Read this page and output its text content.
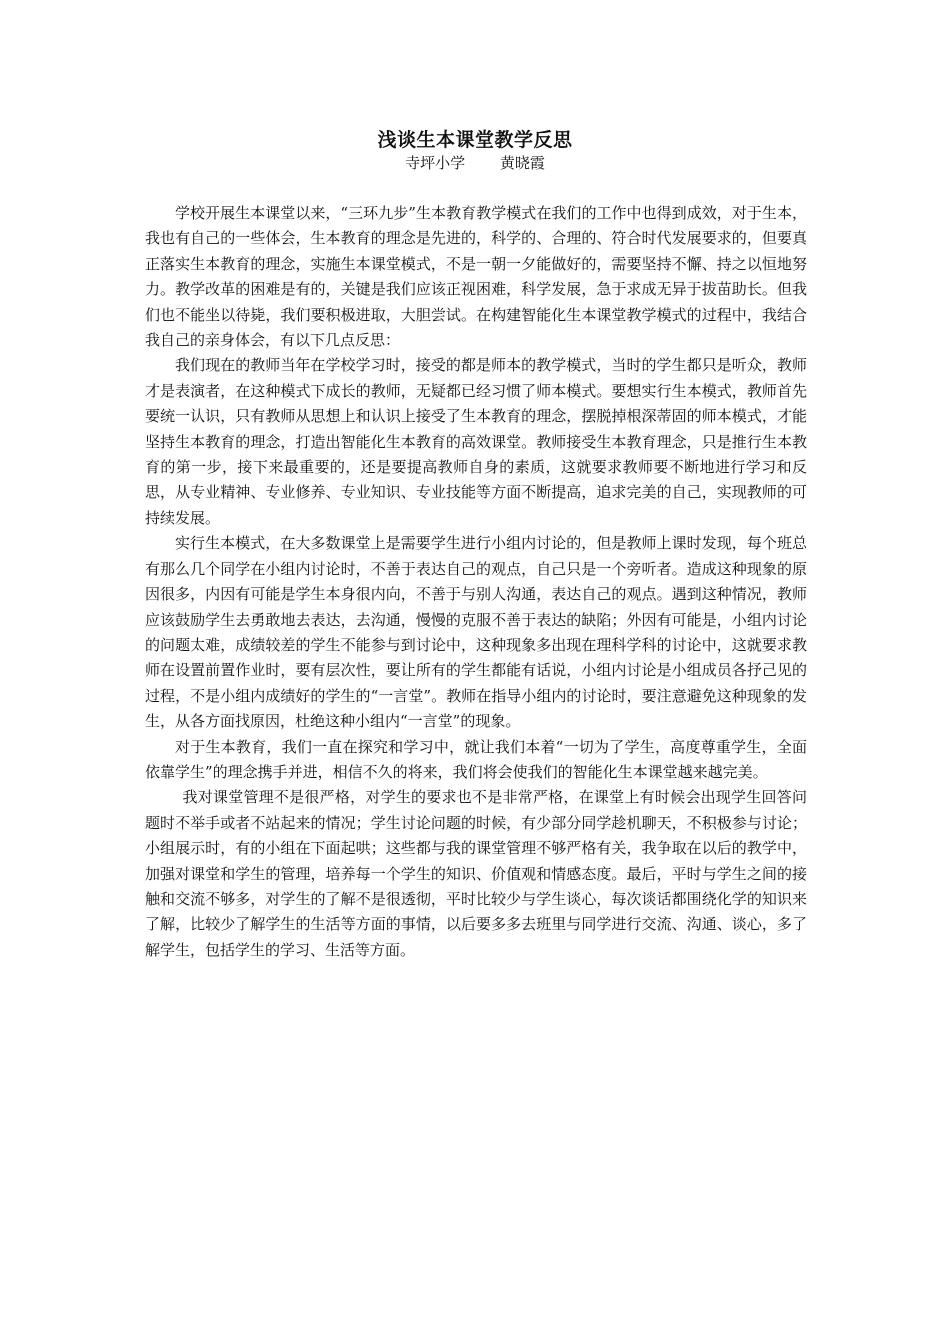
浅谈生本课堂教学反思
寺坪小学 黄晓霞

学校开展生本课堂以来，“三环九步”生本教育教学模式在我们的工作中也得到成效，对于生本，我也有自己的一些体会，生本教育的理念是先进的，科学的、合理的、符合时代发展要求的，但要真正落实生本教育的理念，实施生本课堂模式，不是一朝一夕能做好的，需要坚持不懈、持之以恒地努力。教学改革的困难是有的，关键是我们应该正视困难，科学发展，急于求成无异于拔苗助长。但我们也不能坐以待毙，我们要积极进取，大胆尝试。在构建智能化生本课堂教学模式的过程中，我结合我自己的亲身体会，有以下几点反思：

我们现在的教师当年在学校学习时，接受的都是师本的教学模式，当时的学生都只是听众，教师才是表演者，在这种模式下成长的教师，无疑都已经习惯了师本模式。要想实行生本模式，教师首先要统一认识，只有教师从思想上和认识上接受了生本教育的理念，摆脱掉根深蒂固的师本模式，才能坚持生本教育的理念，打造出智能化生本教育的高效课堂。教师接受生本教育理念，只是推行生本教育的第一步，接下来最重要的，还是要提高教师自身的素质，这就要求教师要不断地进行学习和反思，从专业精神、专业修养、专业知识、专业技能等方面不断提高，追求完美的自己，实现教师的可持续发展。

实行生本模式，在大多数课堂上是需要学生进行小组内讨论的，但是教师上课时发现，每个班总有那么几个同学在小组内讨论时，不善于表达自己的观点，自己只是一个旁听者。造成这种现象的原因很多，内因有可能是学生本身很内向，不善于与别人沟通，表达自己的观点。遇到这种情况，教师应该鼓励学生去勇敢地去表达，去沟通，慢慢的克服不善于表达的缺陷；外因有可能是，小组内讨论的问题太难，成绩较差的学生不能参与到讨论中，这种现象多出现在理科学科的讨论中，这就要求教师在设置前置作业时，要有层次性，要让所有的学生都能有话说，小组内讨论是小组成员各抒己见的过程，不是小组内成绩好的学生的“一言堂”。教师在指导小组内的讨论时，要注意避免这种现象的发生，从各方面找原因，杜绝这种小组内“一言堂”的现象。

对于生本教育，我们一直在探究和学习中，就让我们本着“一切为了学生，高度尊重学生，全面依靠学生”的理念携手并进，相信不久的将来，我们将会使我们的智能化生本课堂越来越完美。

我对课堂管理不是很严格，对学生的要求也不是非常严格，在课堂上有时候会出现学生回答问题时不举手或者不站起来的情况；学生讨论问题的时候，有少部分同学趁机聊天，不积极参与讨论；小组展示时，有的小组在下面起哄；这些都与我的课堂管理不够严格有关，我争取在以后的教学中，加强对课堂和学生的管理，培养每一个学生的知识、价值观和情感态度。最后，平时与学生之间的接触和交流不够多，对学生的了解不是很透彻，平时比较少与学生谈心，每次谈话都围绕化学的知识来了解，比较少了解学生的生活等方面的事情，以后要多多去班里与同学进行交流、沟通、谈心，多了解学生，包括学生的学习、生活等方面。
